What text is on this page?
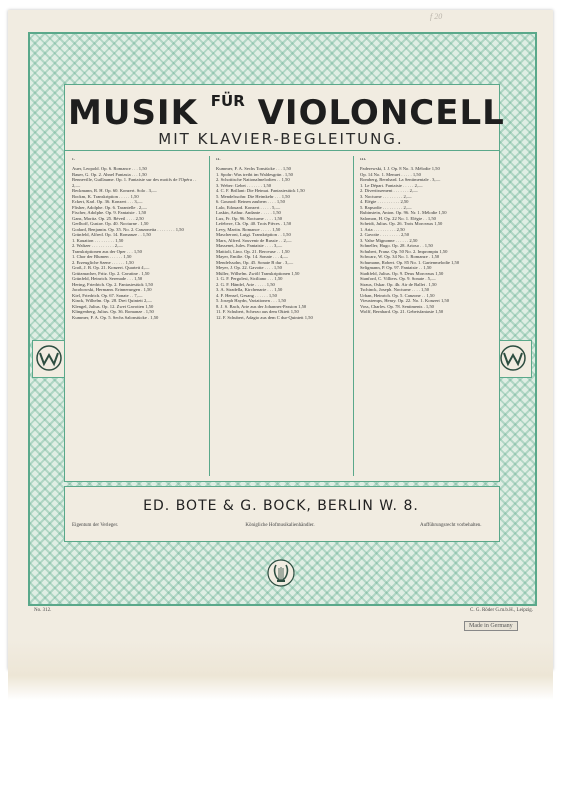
f 20
MUSIK $^{FÜR}$ VIOLONCELL
MIT KLAVIER-BEGLEITUNG.
I.

Auer, Leopold. Op. 6. Romance . . . 1,50

Bauer, G. Op. 2. Ahnel Fantasia . . . 1,50

Benneville, Guillaume. Op. 1. Fantaisie sur des motifs de l'Opéra . . 2,—

Beckmann, R. H. Op. 60. Konzert. Solo . 3,—

Bockm, K. Transkription . . . . . 1,50

Eckert, Karl. Op. 36. Konzert . . . 3,—

Flisher, Adolphe. Op. 6. Tarantelle . 2,—

Fischer, Adolphe. Op. 9. Fantaisie . 1,50

Gans, Moritz. Op. 25. Réveil . . . . 2,50

Gerlhoff, Gustav. Op. 40. Nocturne . 1,50

Godard, Benjamin. Op. 35. No. 2. Canzonetta . . . . . . . . 1,50

Grünfeld, Alfred. Op. 14. Romanze . . 1,50

1. Kauation . . . . . . . . . 1,50

2. Waltzer . . . . . . . . . . 2,—

Transkriptionen aus der Oper . . . 1,50

1. Chor der Blumen . . . . . . 1,50

2. Erzeugliche Szene . . . . . . 1,50

Groß, J. B. Op. 21. Konzert. Quartett 4,—

Grützmacher, Fritz. Op. 2. Cavatine . 1,50

Grünfeld, Heinrich. Serenade . . . 1,50

Hering, Friedrich. Op. 2. Fantasiestück 1,50

Jacobowski, Hermann. Erinnerungen . 1,50

Kiel, Friedrich. Op. 67. Sonate . . 7,—

Kinck, Wilhelm. Op. 28. Drei Quintett 2,—

Klengel, Julius. Op. 12. Zwei Gavotten 1,50

Klingenberg, Julius. Op. 36. Romanze . 1,50

Kummer, F. A. Op. 5. Sechs Salonstücke . 1,50

II.

Kummer, F. A. Sechs Tonstücke . . . 1,50

1. Spohr: Was treibt im Waldesgrün . 1,50

2. Schottische Nationalmelodien . . 1,50

3. Weber: Gebet . . . . . . . 1,50

4. C. F. Brillant: Die Heimat. Fantasiestück 1,50

5. Mendelssohn: Die Heimkehr . . . 1,50

6. Gounod: Reinen zaubern . . . . 1,50

Lalo, Edouard. Konzert . . . . . 5,—

Laskin, Arthur. Andante . . . . . 1,50

Lux, Fr. Op. 96. Nocturne . . . . 1,50

Lefebvre, Ch. Op. 40. Trois Pièces . 1,50

Levy, Martin. Romance . . . . . 1,50

Mascheroni, Luigi. Transkription . . 1,50

Marx, Alfred. Souvenir de Russie . . 2,—

Massenet, Jules. Fantaisie . . . . 3,—

Mattioli, Lino. Op. 21. Berceuse . . 1,50

Mayer, Emilie. Op. 14. Sonate . . . 4,—

Mendelssohn, Op. 45. Sonate B dur . 3,—

Meyer, J. Op. 22. Gavotte . . . . 1,50

Müller, Wilhelm. Zwölf Transkriptionen 1,50

1. G. F. Pergolesi, Siciliano . . . 1,50

2. G. F. Händel, Arie . . . . . 1,50

3. A. Stradella, Kirchenarie . . . 1,50

4. F. Hensel, Gesang . . . . . . 1,50

5. Joseph Haydn, Variationen . . . 1,50

8. J. S. Bach, Arie aus der Johannes-Passion 1,50

11. F. Schubert, Scherzo aus dem Oktett 1,50

12. F. Schubert, Adagio aus dem C dur-Quintett 1,50

III.

Paderewski, I. J. Op. 8 No. 3. Mélodie 1,50

Op. 14 No. 1. Menuet . . . . . 1,50

Romberg, Bernhard. La Sentimentale . 3,—

1. Le Départ. Fantaisie . . . . . 2,—

2. Divertissement . . . . . . . 2,—

3. Nocturne . . . . . . . . . 2,—

4. Elégie . . . . . . . . . . 2,50

5. Rapsodie . . . . . . . . . 2,—

Rubinstein, Anton. Op. 96. Nr. 1. Mélodie 1,50

Salomon, H. Op. 22 No. 1. Elégie . . 1,50

Scheidt, Julius. Op. 26. Trois Morceaux 1,50

1. Aria . . . . . . . . . . 2,50

2. Gavotte . . . . . . . . . 2,50

3. Valse Mignonne . . . . . . 2,50

Schneller, Hugo. Op. 28. Arioso . . 1,50

Schubert, Franz. Op. 50 No. 2. Impromptu 1,50

Schwarz, W. Op. 34 No. 1. Romanze . 1,50

Schumann, Robert. Op. 85 No. 1. Gartenmelodie 1,50

Seligmann, P. Op. 97. Fantaisie . . 1,50

Stadtfeld, Julius. Op. 9. Deux Morceaux 1,50

Stanford, C. Villiers. Op. 9. Sonate . 5,—

Straus, Oskar. Op. 4b. Air de Ballet . 1,50

Tschinck, Joseph. Nocturne . . . . 1,50

Urban, Heinrich. Op. 5. Canzone . . 1,50

Vieuxtemps, Henry. Op. 22. No. 1. Konzert 1,50

Voss, Charles. Op. 78. Sentiments . 1,50

Wolff, Bernhard. Op. 21. Gebetsfantasie 1,50

ED. BOTE & G. BOCK, BERLIN W. 8.
Eigentum der Verleger.	Königliche Hofmusikalienhändler.	Aufführungsrecht vorbehalten.
No. 312.	C. G. Röder G.m.b.H., Leipzig.
Made in Germany
